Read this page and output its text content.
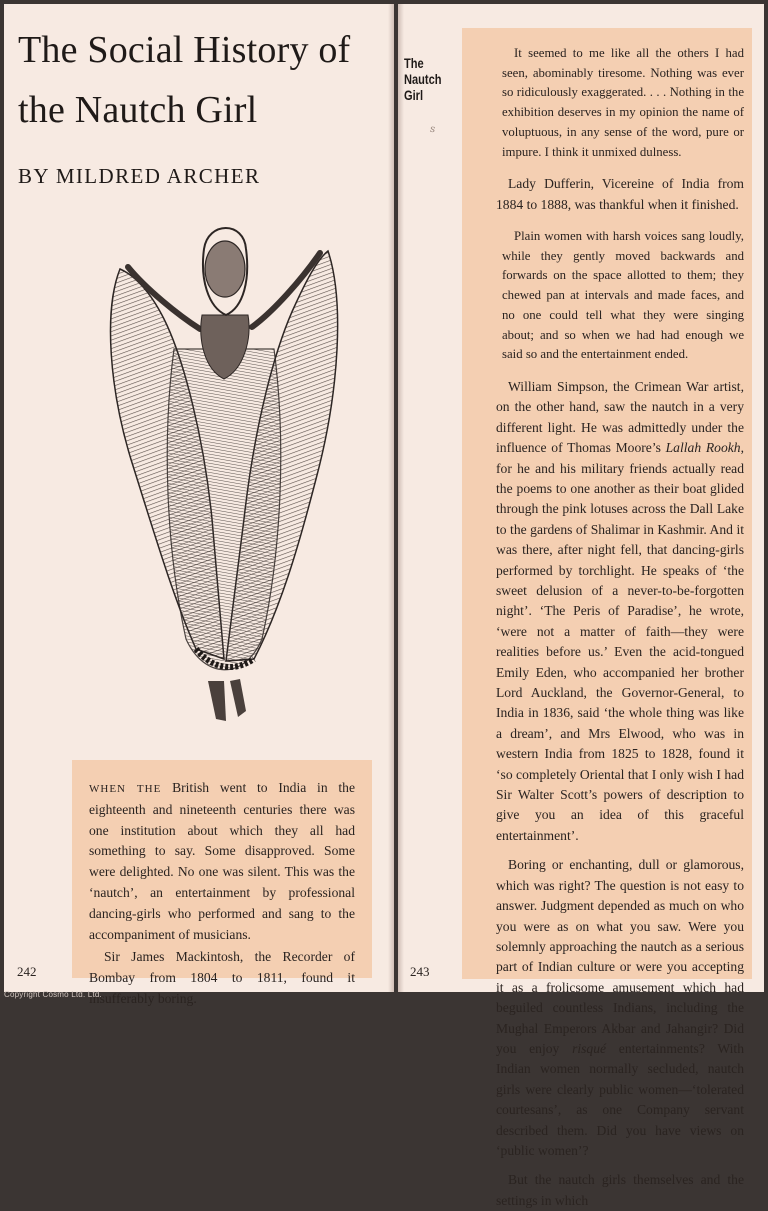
The Social History of
the Nautch Girl
BY MILDRED ARCHER

WHEN THE British went to India in the eighteenth and nineteenth centuries there was one institution about which they all had something to say. Some disapproved. Some were delighted. No one was silent. This was the ‘nautch’, an entertainment by professional dancing-girls who performed and sang to the accompaniment of musicians.

Sir James Mackintosh, the Recorder of Bombay from 1804 to 1811, found it insufferably boring.

242
The Nautch
Girl
ꜱ

It seemed to me like all the others I had seen, abominably tiresome. Nothing was ever so ridiculously exaggerated. . . . Nothing in the exhibition deserves in my opinion the name of voluptuous, in any sense of the word, pure or impure. I think it unmixed dulness.

Lady Dufferin, Vicereine of India from 1884 to 1888, was thankful when it finished.

Plain women with harsh voices sang loudly, while they gently moved backwards and forwards on the space allotted to them; they chewed pan at intervals and made faces, and no one could tell what they were singing about; and so when we had had enough we said so and the entertainment ended.

William Simpson, the Crimean War artist, on the other hand, saw the nautch in a very different light. He was admittedly under the influence of Thomas Moore’s Lallah Rookh, for he and his military friends actually read the poems to one another as their boat glided through the pink lotuses across the Dall Lake to the gardens of Shalimar in Kashmir. And it was there, after night fell, that dancing-girls performed by torchlight. He speaks of ‘the sweet delusion of a never-to-be-forgotten night’. ‘The Peris of Paradise’, he wrote, ‘were not a matter of faith—they were realities before us.’ Even the acid-tongued Emily Eden, who accompanied her brother Lord Auckland, the Governor-General, to India in 1836, said ‘the whole thing was like a dream’, and Mrs Elwood, who was in western India from 1825 to 1828, found it ‘so completely Oriental that I only wish I had Sir Walter Scott’s powers of description to give you an idea of this graceful entertainment’.

Boring or enchanting, dull or glamorous, which was right? The question is not easy to answer. Judgment depended as much on who you were as on what you saw. Were you solemnly approaching the nautch as a serious part of Indian culture or were you accepting it as a frolicsome amusement which had beguiled countless Indians, including the Mughal Emperors Akbar and Jahangir? Did you enjoy risqué entertainments? With Indian women normally secluded, nautch girls were clearly public women—‘tolerated courtesans’, as one Company servant described them. Did you have views on ‘public women’?

But the nautch girls themselves and the settings in which

243
Copyright Cosmo Ltd. Ltd.
